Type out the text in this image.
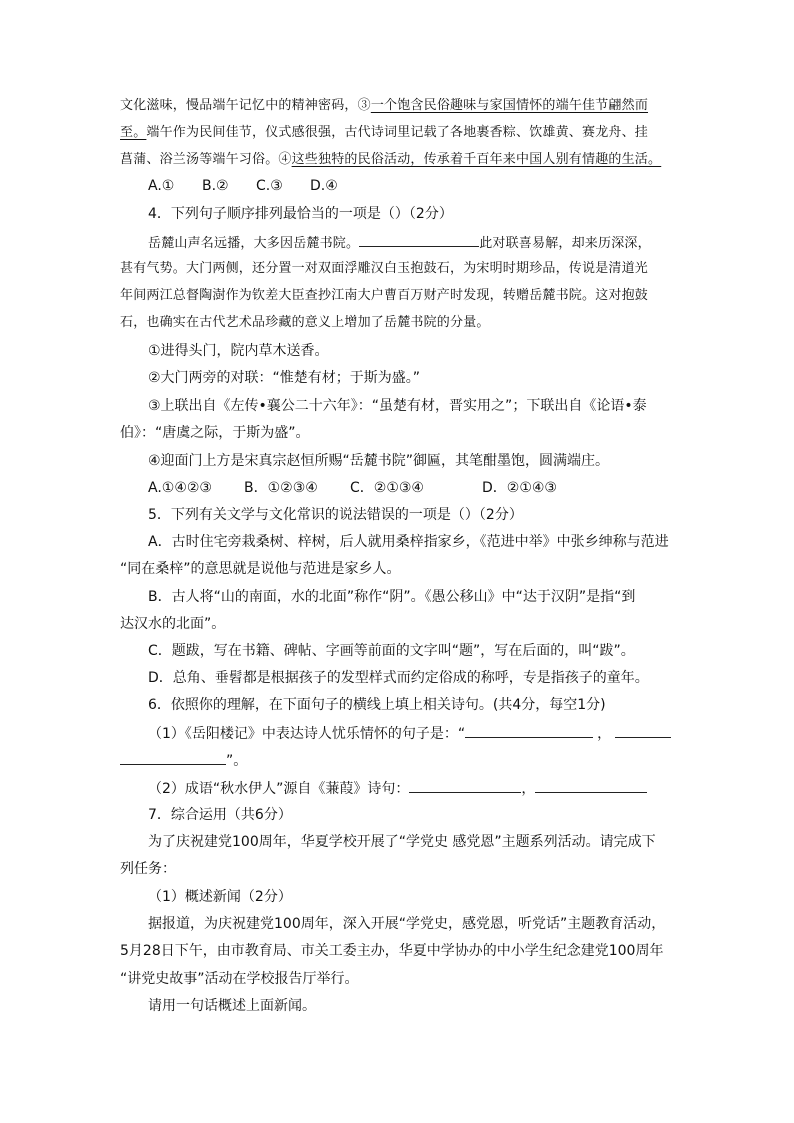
文化滋味，慢品端午记忆中的精神密码，③一个饱含民俗趣味与家国情怀的端午佳节翩然而
至。端午作为民间佳节，仪式感很强，古代诗词里记载了各地裹香粽、饮雄黄、赛龙舟、挂
菖蒲、浴兰汤等端午习俗。④这些独特的民俗活动，传承着千百年来中国人别有情趣的生活。
A.① B.② C.③ D.④
4．下列句子顺序排列最恰当的一项是（）（2分）
岳麓山声名远播，大多因岳麓书院。	此对联喜易解，却来历深深，
甚有气势。大门两侧，还分置一对双面浮雕汉白玉抱鼓石，为宋明时期珍品，传说是清道光
年间两江总督陶澍作为钦差大臣查抄江南大户曹百万财产时发现，转赠岳麓书院。这对抱鼓
石，也确实在古代艺术品珍藏的意义上增加了岳麓书院的分量。
①进得头门，院内草木送香。
②大门两旁的对联：“惟楚有材；于斯为盛。”
③上联出自《左传•襄公二十六年》：“虽楚有材，晋实用之”；下联出自《论语•泰
伯》：“唐虞之际，于斯为盛”。
④迎面门上方是宋真宗赵恒所赐“岳麓书院”御匾，其笔酣墨饱，圆满端庄。
A.①④②③ B．①②③④ C．②①③④	D．②①④③
5．下列有关文学与文化常识的说法错误的一项是（）（2分）
A．古时住宅旁栽桑树、梓树，后人就用桑梓指家乡，《范进中举》中张乡绅称与范进
“同在桑梓”的意思就是说他与范进是家乡人。
B．古人将“山的南面，水的北面”称作“阴”。《愚公移山》中“达于汉阴”是指“到
达汉水的北面”。
C．题跋，写在书籍、碑帖、字画等前面的文字叫“题”，写在后面的，叫“跋”。
D．总角、垂髫都是根据孩子的发型样式而约定俗成的称呼，专是指孩子的童年。
6．依照你的理解，在下面句子的横线上填上相关诗句。(共4分，每空1分)
（1）《岳阳楼记》中表达诗人忧乐情怀的句子是：“	，
”。
（2）成语“秋水伊人”源自《蒹葭》诗句：	，
7．综合运用（共6分）
为了庆祝建党100周年，华夏学校开展了“学党史 感党恩”主题系列活动。请完成下
列任务：
（1）概述新闻（2分）
据报道，为庆祝建党100周年，深入开展“学党史，感党恩，听党话”主题教育活动，
5月28日下午，由市教育局、市关工委主办，华夏中学协办的中小学生纪念建党100周年
“讲党史故事”活动在学校报告厅举行。
请用一句话概述上面新闻。
